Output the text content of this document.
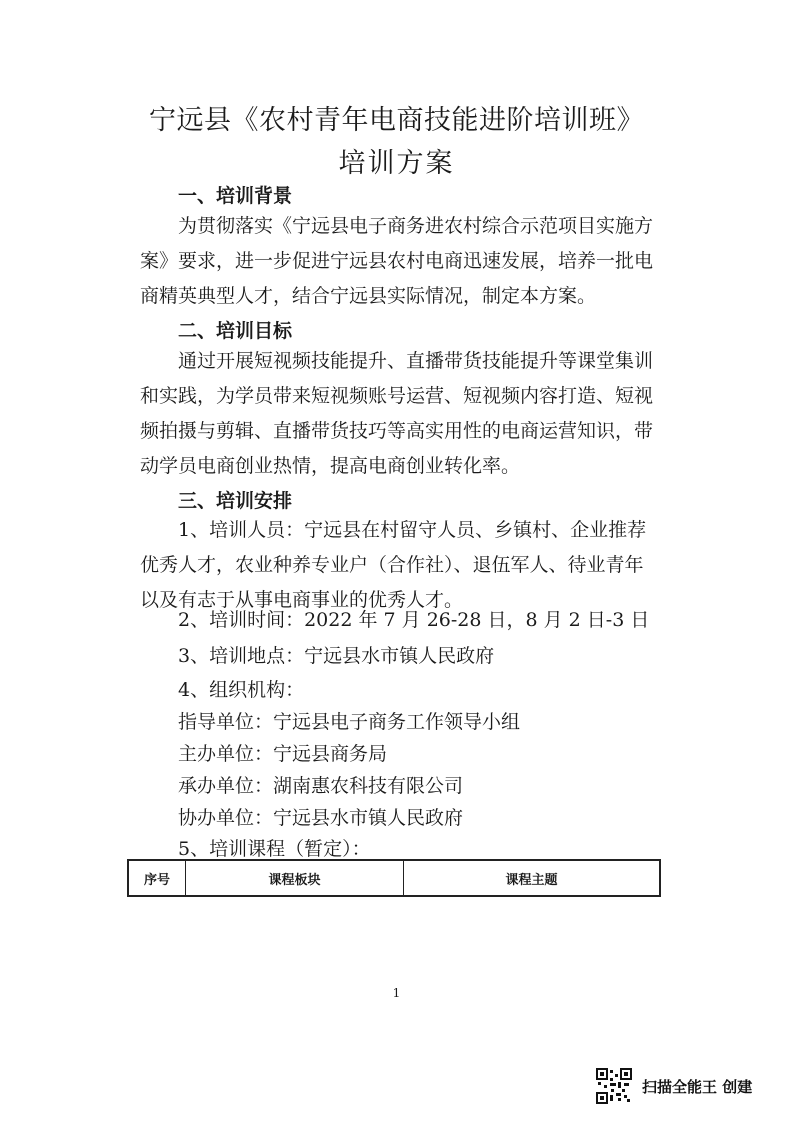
宁远县《农村青年电商技能进阶培训班》
培训方案
一、培训背景
为贯彻落实《宁远县电子商务进农村综合示范项目实施方案》要求，进一步促进宁远县农村电商迅速发展，培养一批电商精英典型人才，结合宁远县实际情况，制定本方案。
二、培训目标
通过开展短视频技能提升、直播带货技能提升等课堂集训和实践，为学员带来短视频账号运营、短视频内容打造、短视频拍摄与剪辑、直播带货技巧等高实用性的电商运营知识，带动学员电商创业热情，提高电商创业转化率。
三、培训安排
1、培训人员：宁远县在村留守人员、乡镇村、企业推荐优秀人才，农业种养专业户（合作社）、退伍军人、待业青年以及有志于从事电商事业的优秀人才。
2、培训时间：2022 年 7 月 26-28 日，8 月 2 日-3 日
3、培训地点：宁远县水市镇人民政府
4、组织机构：
指导单位：宁远县电子商务工作领导小组
主办单位：宁远县商务局
承办单位：湖南惠农科技有限公司
协办单位：宁远县水市镇人民政府
5、培训课程（暂定）：
序号	课程板块	课程主题
1
扫描全能王 创建
